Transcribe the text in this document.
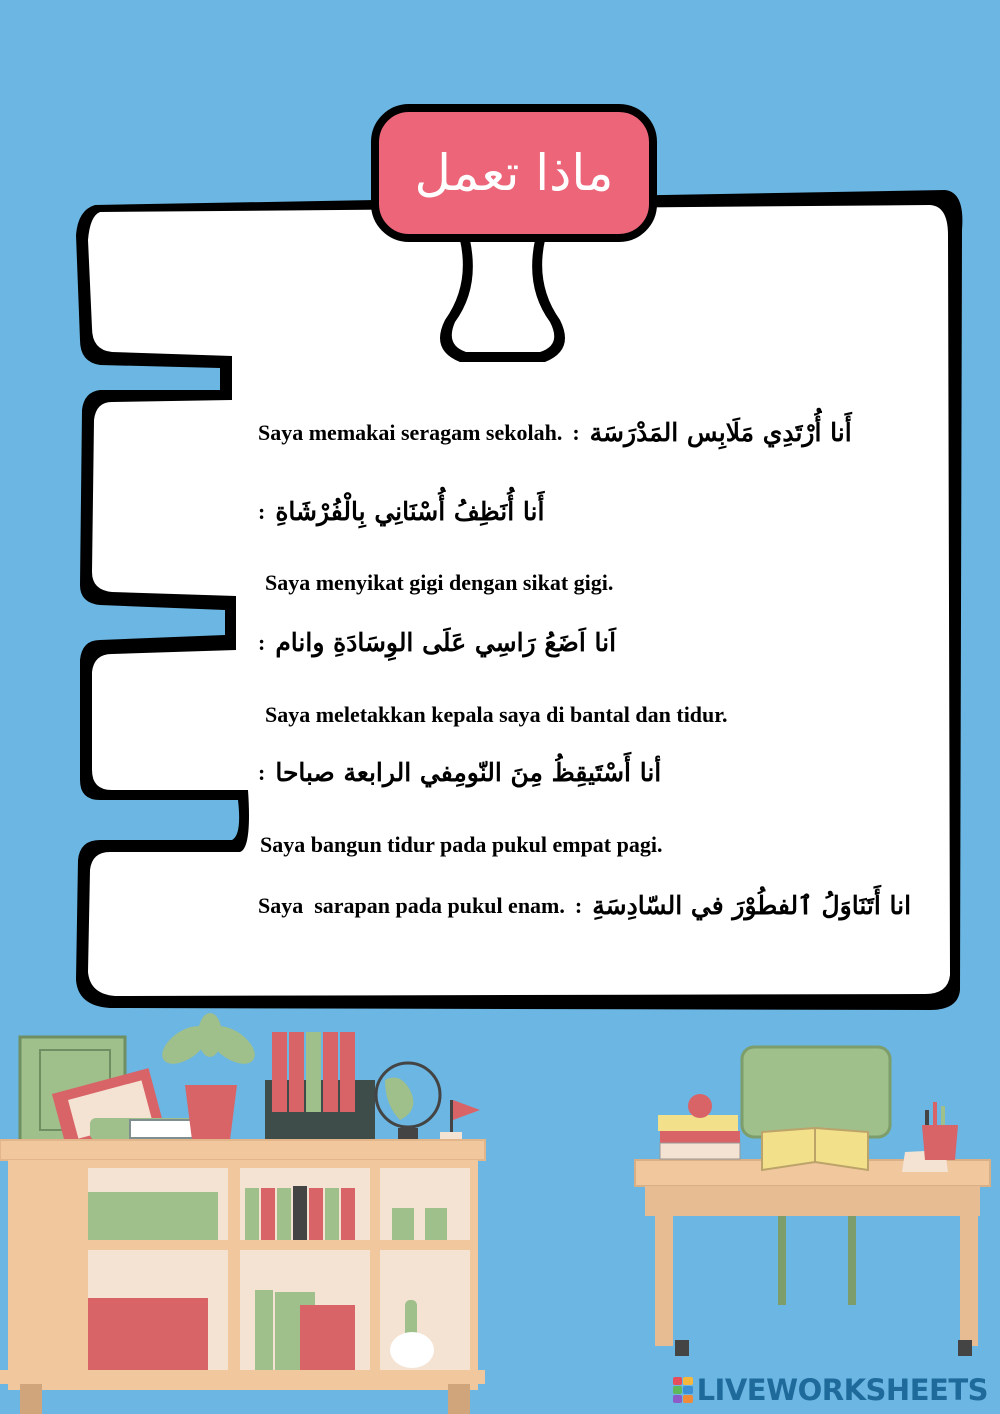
ماذا تعمل
أَنا أُرْتَدِي مَلَابِس المَدْرَسَة
:
Saya memakai seragam sekolah.
أَنا أُنَظِفُ أُسْنَانِي بِالْفُرْشَاةِ
:
Saya menyikat gigi dengan sikat gigi.
اَنا اَضَعُ رَاسِي عَلَى الوِسَادَةِ وانام
:
Saya meletakkan kepala saya di bantal dan tidur.
أنا أَسْتَيقِظُ مِنَ النّومِفي الرابعة صباحا
:
Saya bangun tidur pada pukul empat pagi.
انا أَتَنَاوَلُ ٱلفطُوْرَ في السّادِسَةِ
:
Saya  sarapan pada pukul enam.
LIVEWORKSHEETS
